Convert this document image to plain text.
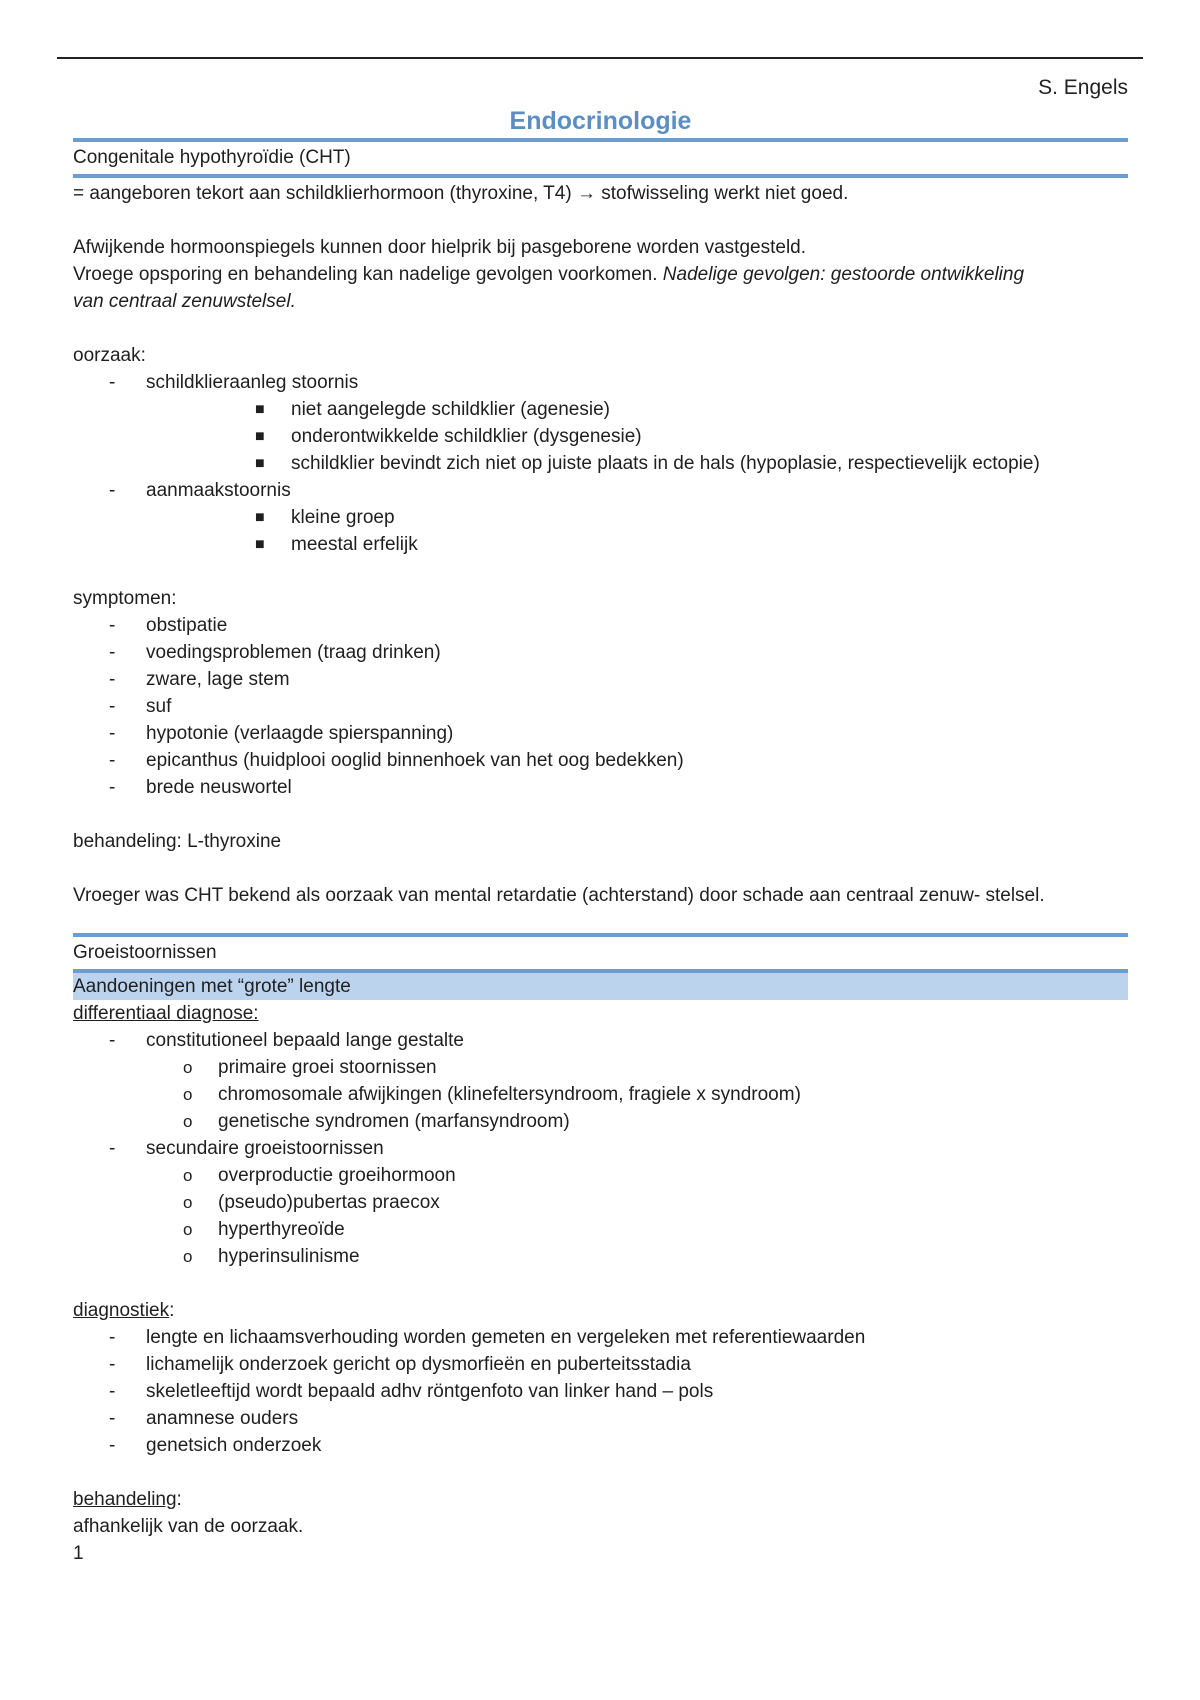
S. Engels
Endocrinologie
Congenitale hypothyroïdie (CHT)

= aangeboren tekort aan schildklierhormoon (thyroxine, T4) → stofwisseling werkt niet goed.

Afwijkende hormoonspiegels kunnen door hielprik bij pasgeborene worden vastgesteld.

Vroege opsporing en behandeling kan nadelige gevolgen voorkomen. Nadelige gevolgen: gestoorde ontwikkeling
van centraal zenuwstelsel.

oorzaak:

- schildklieraanleg stoornis
■ niet aangelegde schildklier (agenesie)
■ onderontwikkelde schildklier (dysgenesie)
■ schildklier bevindt zich niet op juiste plaats in de hals (hypoplasie, respectievelijk ectopie)
- aanmaakstoornis
■ kleine groep
■ meestal erfelijk

symptomen:

- obstipatie
- voedingsproblemen (traag drinken)
- zware, lage stem
- suf
- hypotonie (verlaagde spierspanning)
- epicanthus (huidplooi ooglid binnenhoek van het oog bedekken)
- brede neuswortel

behandeling: L-thyroxine

Vroeger was CHT bekend als oorzaak van mental retardatie (achterstand) door schade aan centraal zenuw- stelsel.

Groeistoornissen
Aandoeningen met “grote” lengte

differentiaal diagnose:

- constitutioneel bepaald lange gestalte
o primaire groei stoornissen
o chromosomale afwijkingen (klinefeltersyndroom, fragiele x syndroom)
o genetische syndromen (marfansyndroom)
- secundaire groeistoornissen
o overproductie groeihormoon
o (pseudo)pubertas praecox
o hyperthyreoïde
o hyperinsulinisme

diagnostiek:

- lengte en lichaamsverhouding worden gemeten en vergeleken met referentiewaarden
- lichamelijk onderzoek gericht op dysmorfieën en puberteitsstadia
- skeletleeftijd wordt bepaald adhv röntgenfoto van linker hand – pols
- anamnese ouders
- genetsich onderzoek

behandeling:

afhankelijk van de oorzaak.

1
